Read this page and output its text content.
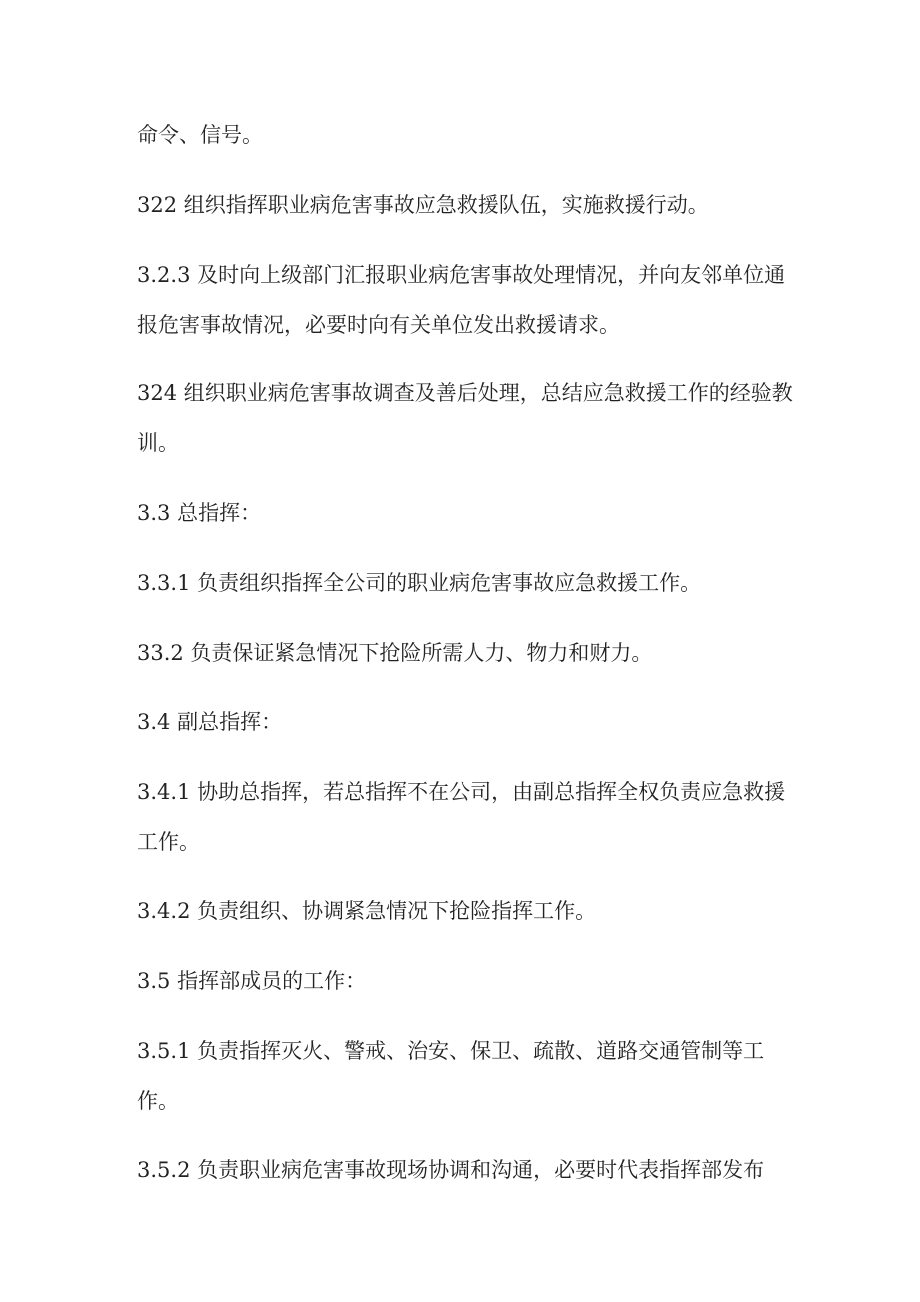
命令、信号。

322 组织指挥职业病危害事故应急救援队伍，实施救援行动。

3.2.3 及时向上级部门汇报职业病危害事故处理情况，并向友邻单位通报危害事故情况，必要时向有关单位发出救援请求。

324 组织职业病危害事故调查及善后处理，总结应急救援工作的经验教训。

3.3 总指挥：

3.3.1 负责组织指挥全公司的职业病危害事故应急救援工作。

33.2 负责保证紧急情况下抢险所需人力、物力和财力。

3.4 副总指挥：

3.4.1 协助总指挥，若总指挥不在公司，由副总指挥全权负责应急救援工作。

3.4.2 负责组织、协调紧急情况下抢险指挥工作。

3.5 指挥部成员的工作：

3.5.1 负责指挥灭火、警戒、治安、保卫、疏散、道路交通管制等工作。

3.5.2 负责职业病危害事故现场协调和沟通，必要时代表指挥部发布
